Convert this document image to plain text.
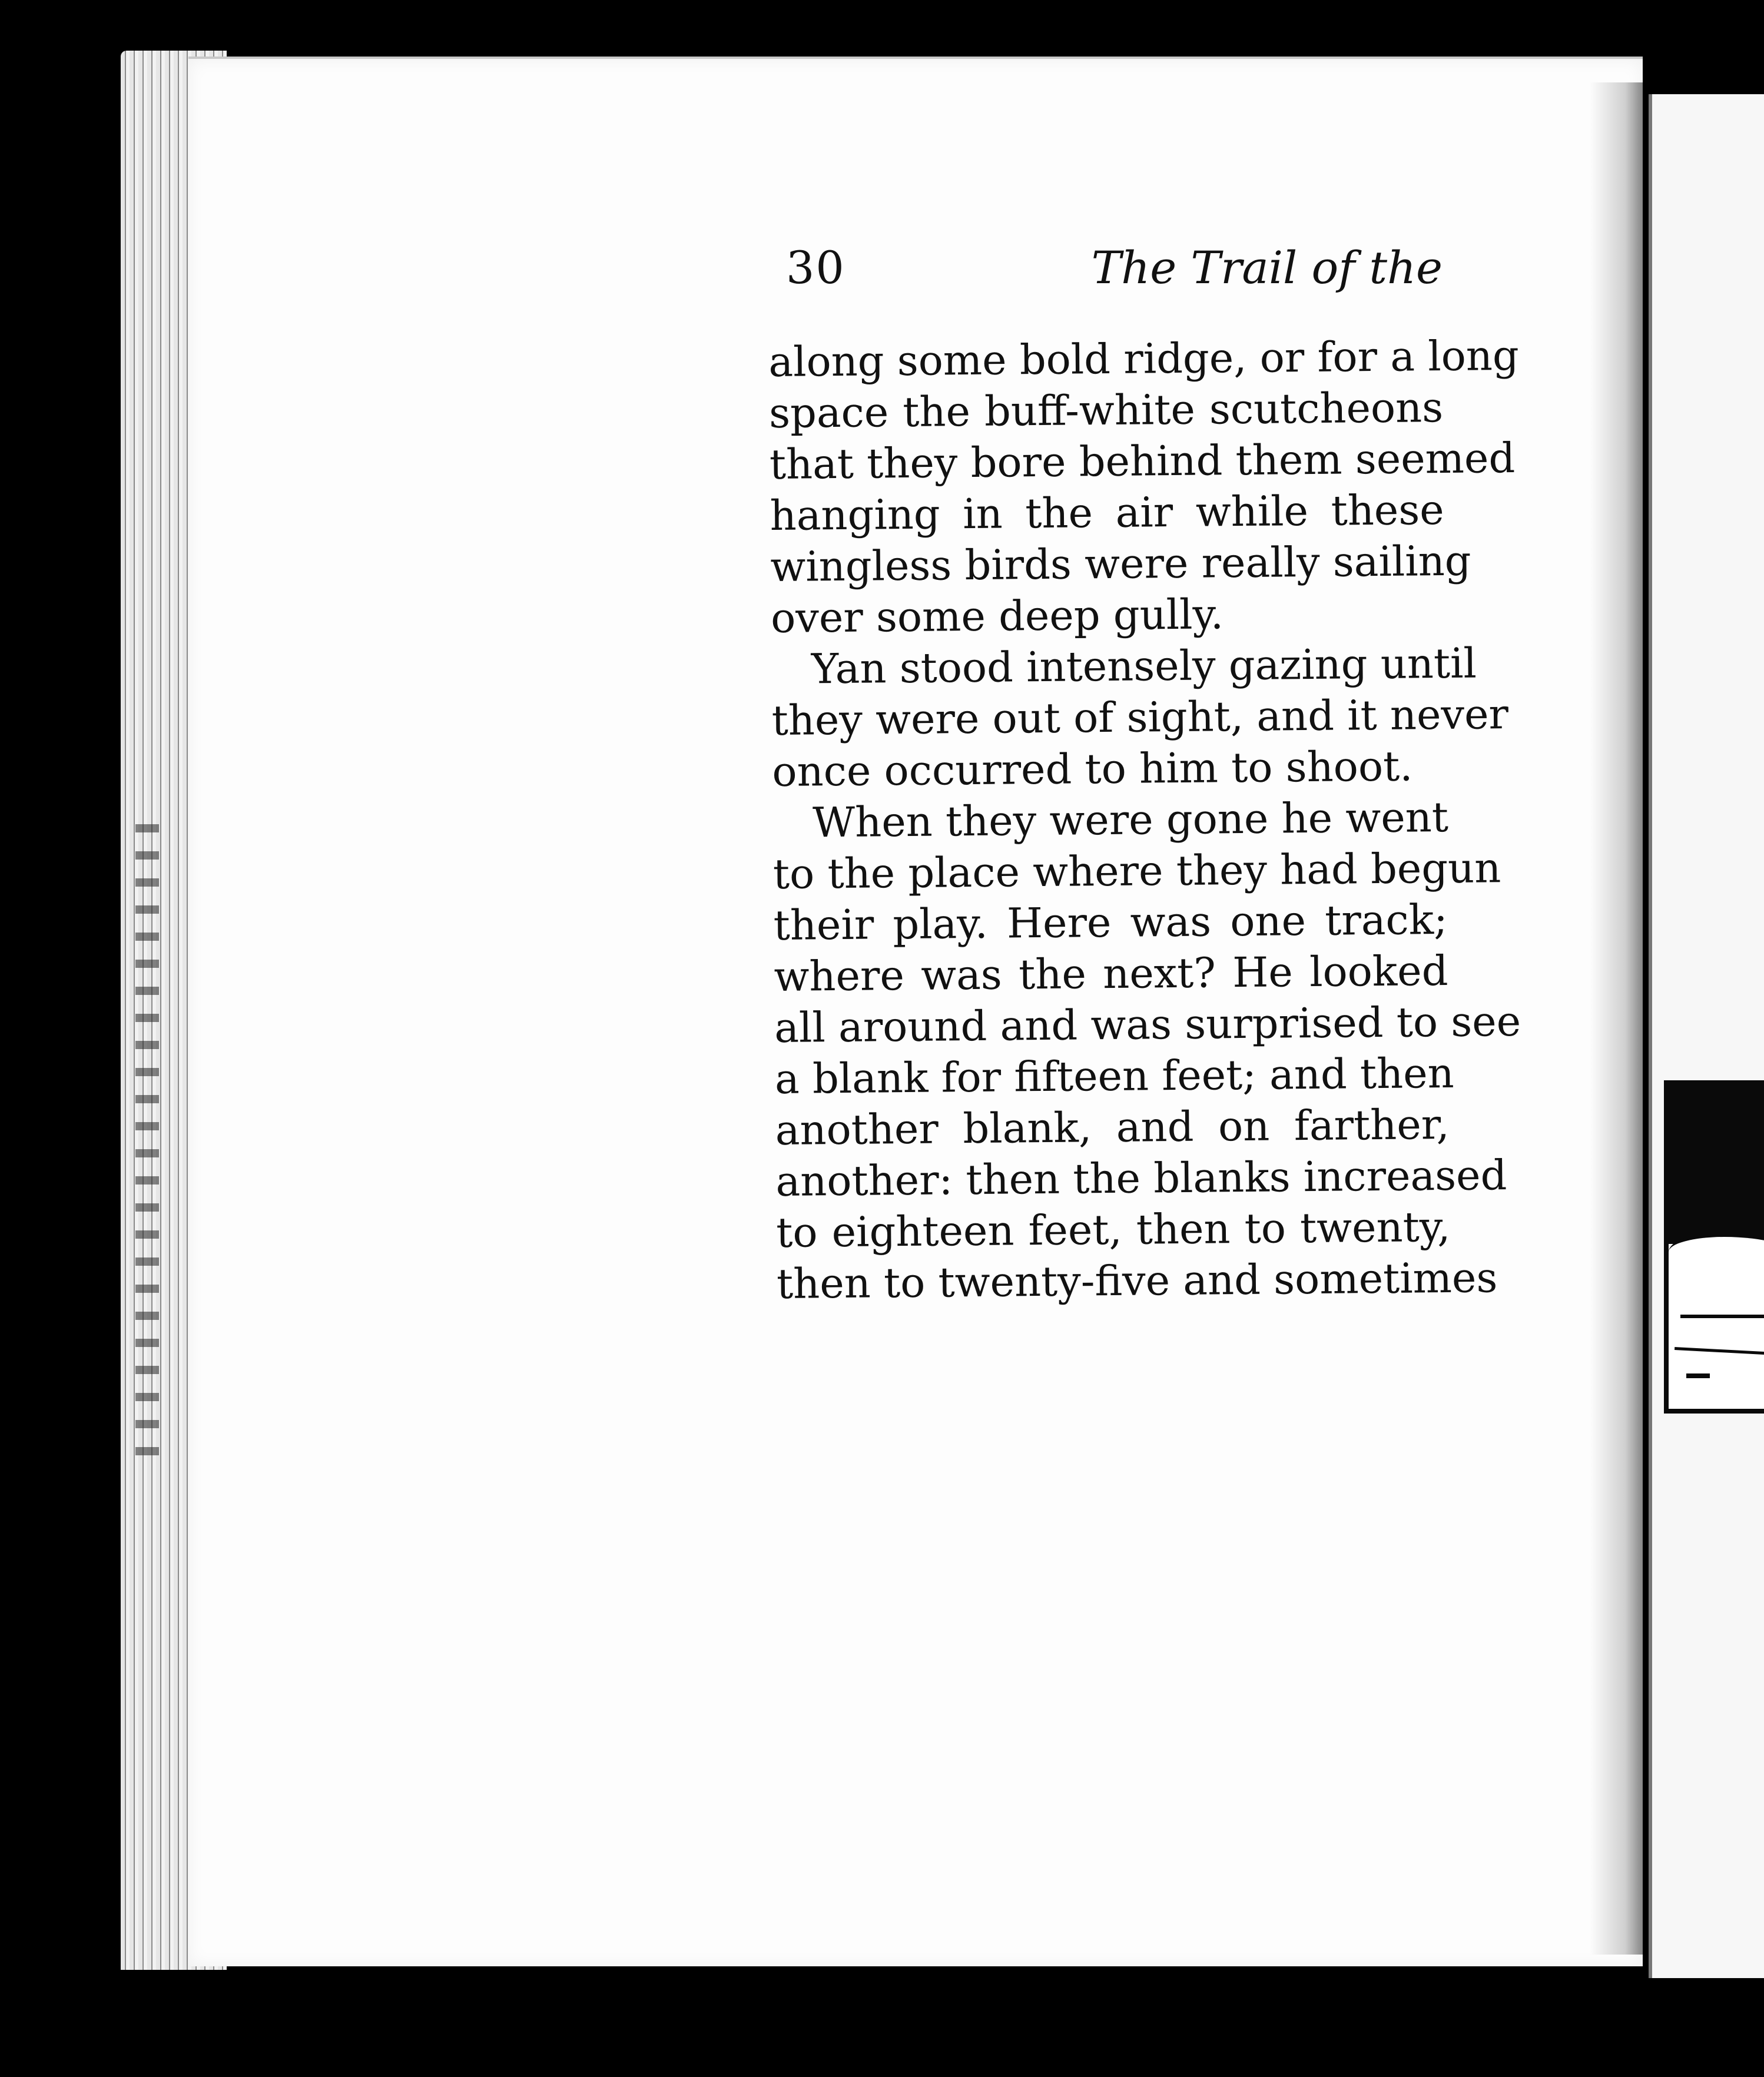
30	The Trail of the
along some bold ridge, or for a long
space the buff-white scutcheons
that they bore behind them seemed
hanging in the air while these
wingless birds were really sailing
over some deep gully.
Yan stood intensely gazing until
they were out of sight, and it never
once occurred to him to shoot.
When they were gone he went
to the place where they had begun
their play. Here was one track;
where was the next? He looked
all around and was surprised to see
a blank for fifteen feet; and then
another blank, and on farther,
another: then the blanks increased
to eighteen feet, then to twenty,
then to twenty-five and sometimes
